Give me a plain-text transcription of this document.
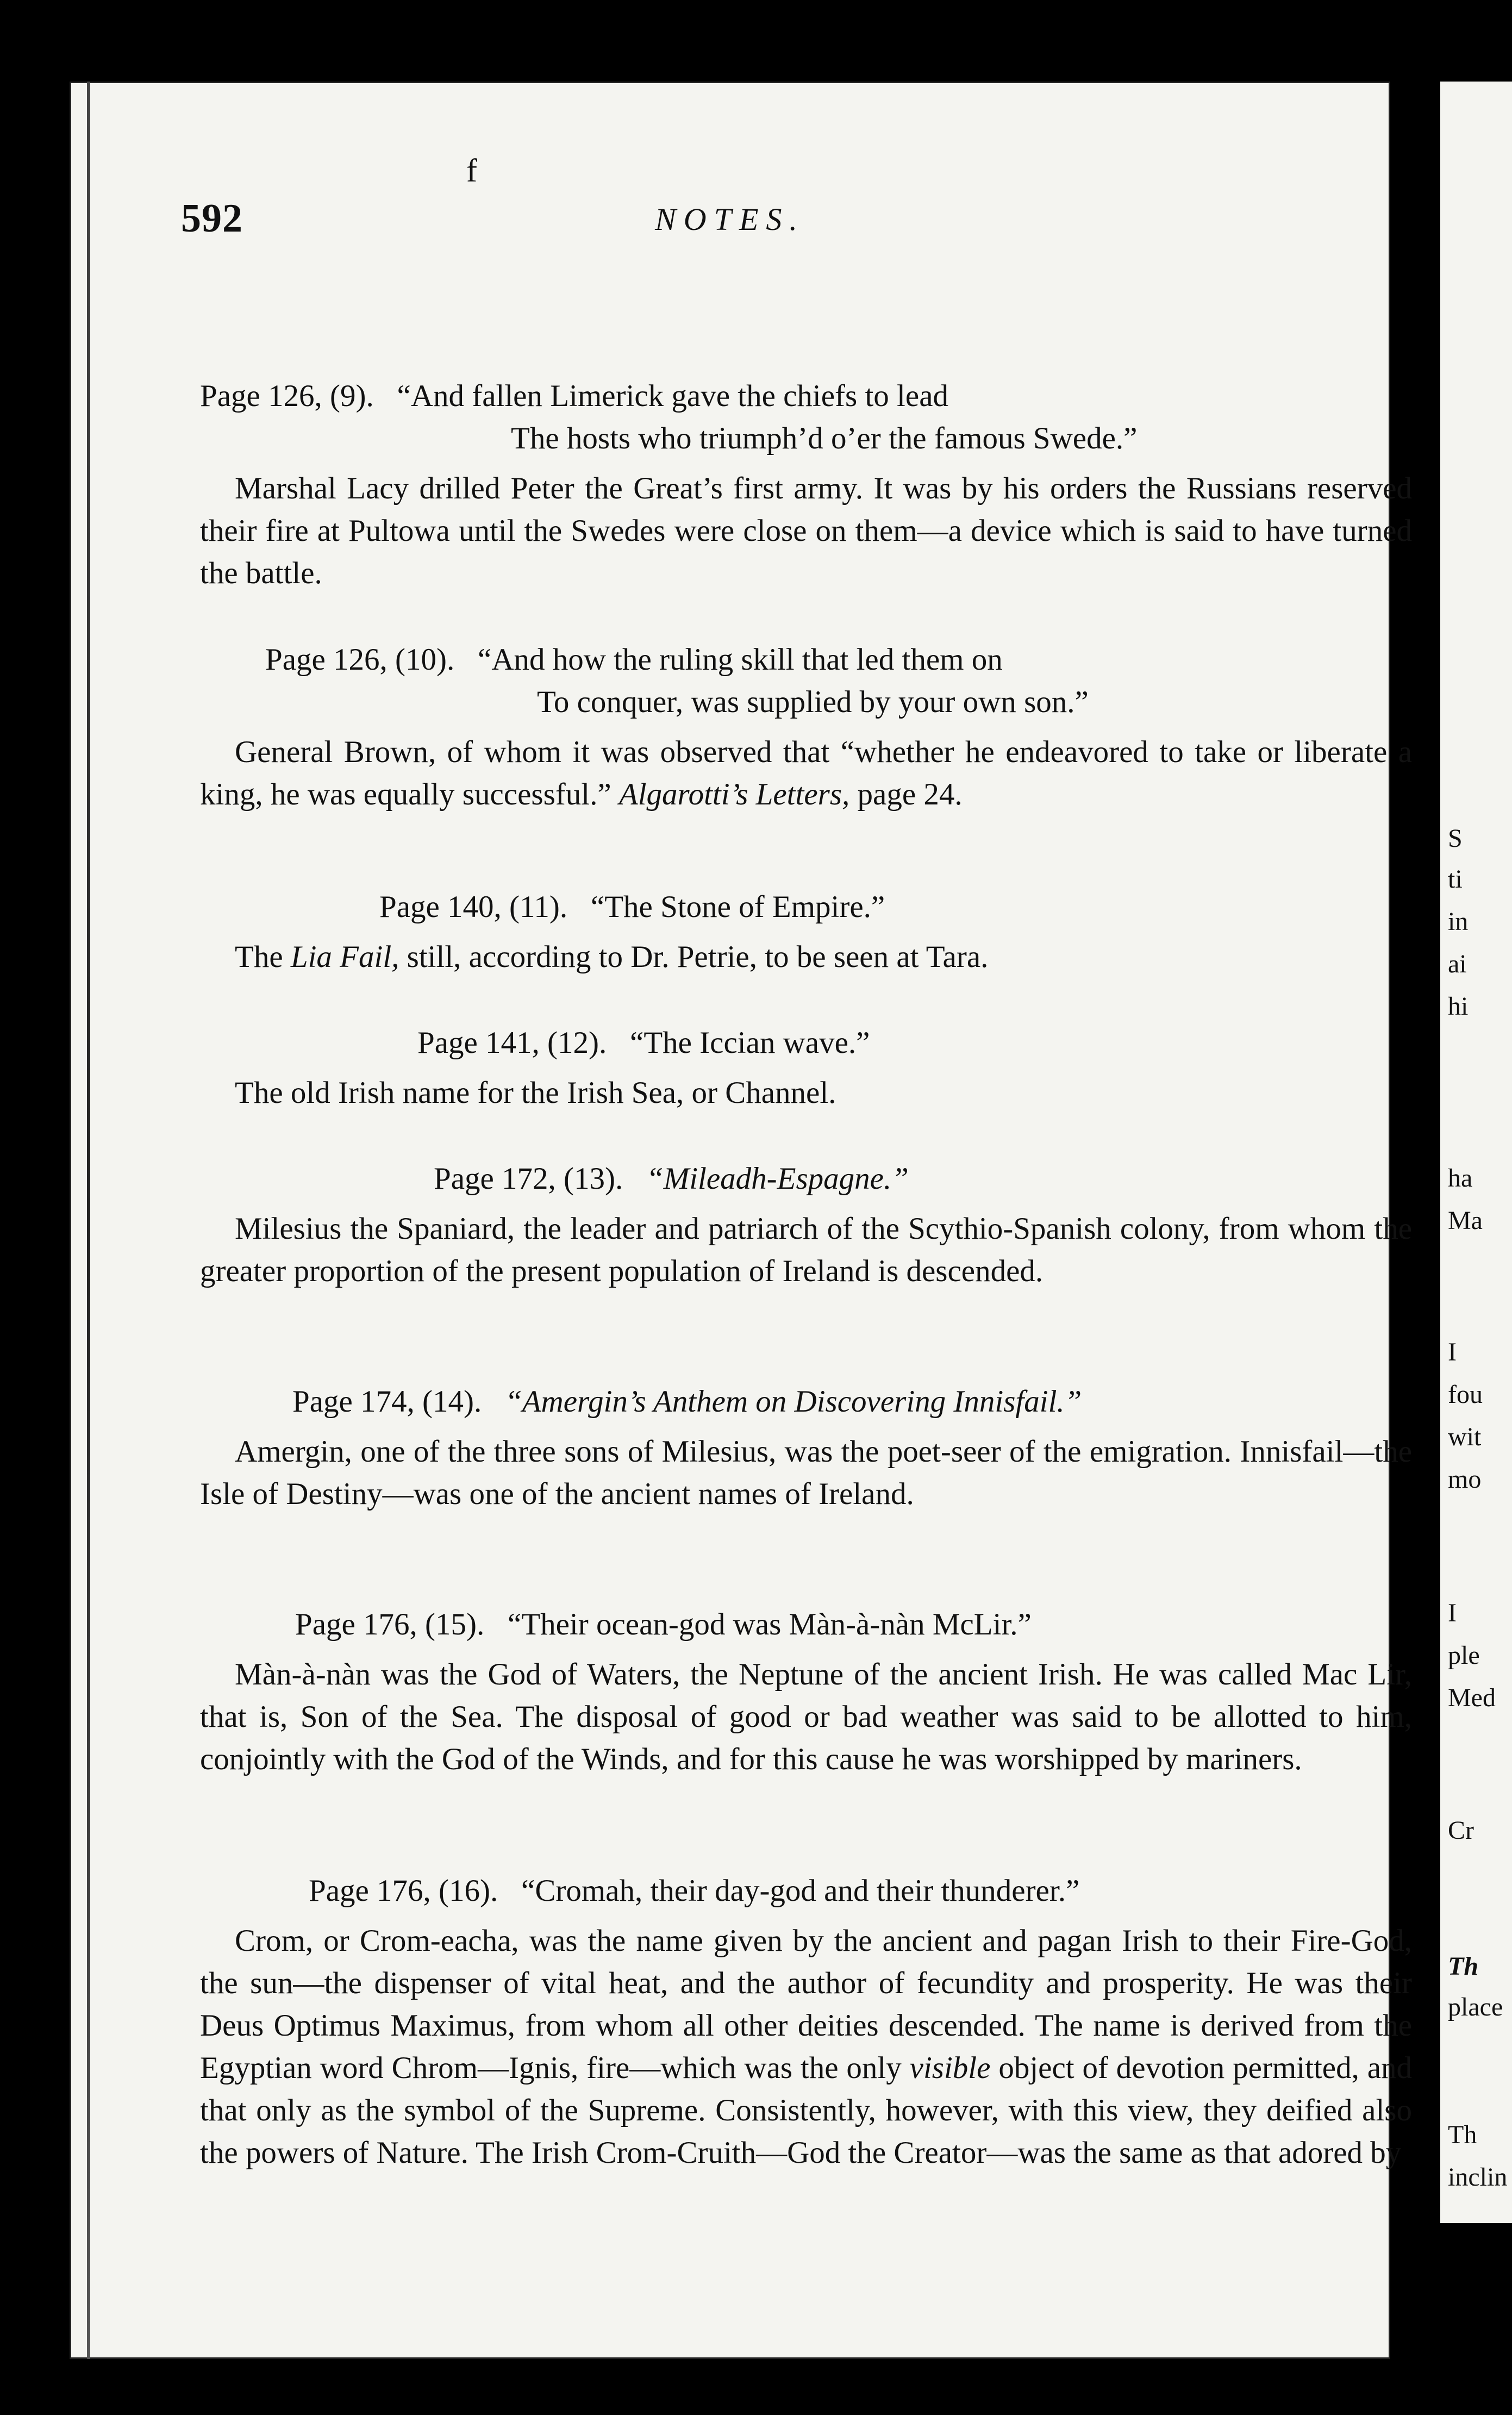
f
592	NOTES.
Page 126, (9). “And fallen Limerick gave the chiefs to lead
The hosts who triumph’d o’er the famous Swede.”
Marshal Lacy drilled Peter the Great’s first army. It was by his orders the Russians reserved their fire at Pultowa until the Swedes were close on them—a device which is said to have turned the battle.
Page 126, (10). “And how the ruling skill that led them on
To conquer, was supplied by your own son.”
General Brown, of whom it was observed that “whether he endeavored to take or liberate a king, he was equally successful.” Algarotti’s Letters, page 24.
Page 140, (11). “The Stone of Empire.”
The Lia Fail, still, according to Dr. Petrie, to be seen at Tara.
Page 141, (12). “The Iccian wave.”
The old Irish name for the Irish Sea, or Channel.
Page 172, (13). “Mileadh-Espagne.”
Milesius the Spaniard, the leader and patriarch of the Scythio-Spanish colony, from whom the greater proportion of the present population of Ireland is descended.
Page 174, (14). “Amergin’s Anthem on Discovering Innisfail.”
Amergin, one of the three sons of Milesius, was the poet-seer of the emigration. Innisfail—the Isle of Destiny—was one of the ancient names of Ireland.
Page 176, (15). “Their ocean-god was Màn-à-nàn McLir.”
Màn-à-nàn was the God of Waters, the Neptune of the ancient Irish. He was called Mac Lir, that is, Son of the Sea. The disposal of good or bad weather was said to be allotted to him, conjointly with the God of the Winds, and for this cause he was worshipped by mariners.
Page 176, (16). “Cromah, their day-god and their thunderer.”
Crom, or Crom-eacha, was the name given by the ancient and pagan Irish to their Fire-God, the sun—the dispenser of vital heat, and the author of fecundity and prosperity. He was their Deus Optimus Maximus, from whom all other deities descended. The name is derived from the Egyptian word Chrom—Ignis, fire—which was the only visible object of devotion permitted, and that only as the symbol of the Supreme. Consistently, however, with this view, they deified also the powers of Nature. The Irish Crom-Cruith—God the Creator—was the same as that adored by
S
ti
in
ai
hi
ha
Ma
I
fou
wit
mo
I
ple
Med
Cr
Th
place
Th
inclin
